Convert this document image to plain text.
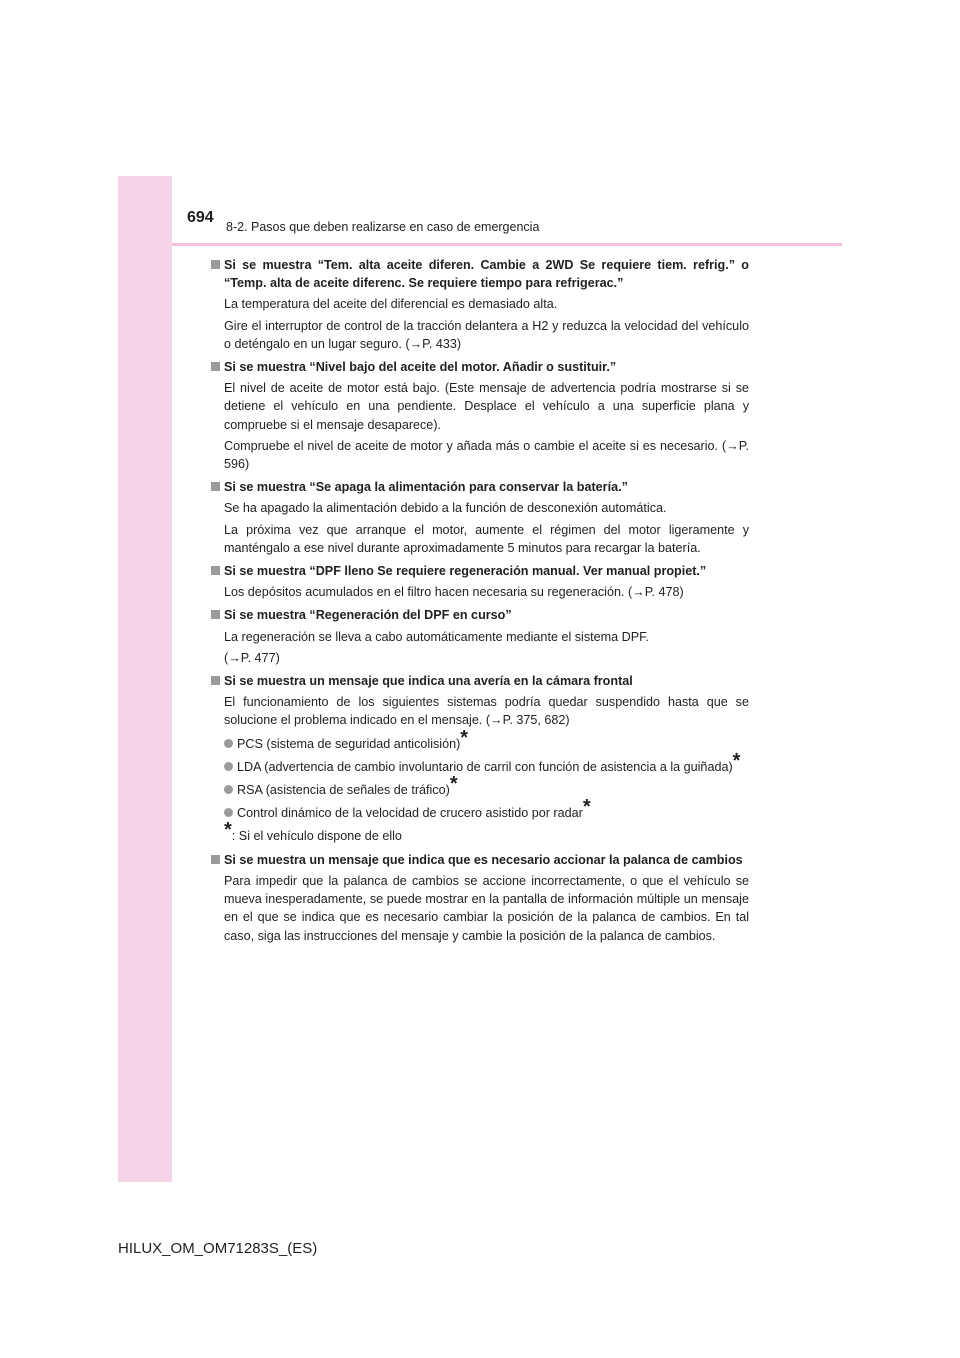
694
8-2. Pasos que deben realizarse en caso de emergencia
Si se muestra “Tem. alta aceite diferen. Cambie a 2WD Se requiere tiem. refrig.” o “Temp. alta de aceite diferenc. Se requiere tiempo para refrigerac.”
La temperatura del aceite del diferencial es demasiado alta.
Gire el interruptor de control de la tracción delantera a H2 y reduzca la velocidad del vehículo o deténgalo en un lugar seguro. (→P. 433)
Si se muestra “Nivel bajo del aceite del motor. Añadir o sustituir.”
El nivel de aceite de motor está bajo. (Este mensaje de advertencia podría mostrarse si se detiene el vehículo en una pendiente. Desplace el vehículo a una superficie plana y compruebe si el mensaje desaparece).
Compruebe el nivel de aceite de motor y añada más o cambie el aceite si es necesario. (→P. 596)
Si se muestra “Se apaga la alimentación para conservar la batería.”
Se ha apagado la alimentación debido a la función de desconexión automática.
La próxima vez que arranque el motor, aumente el régimen del motor ligeramente y manténgalo a ese nivel durante aproximadamente 5 minutos para recargar la batería.
Si se muestra “DPF lleno Se requiere regeneración manual. Ver manual propiet.”
Los depósitos acumulados en el filtro hacen necesaria su regeneración. (→P. 478)
Si se muestra “Regeneración del DPF en curso”
La regeneración se lleva a cabo automáticamente mediante el sistema DPF.
(→P. 477)
Si se muestra un mensaje que indica una avería en la cámara frontal
El funcionamiento de los siguientes sistemas podría quedar suspendido hasta que se solucione el problema indicado en el mensaje. (→P. 375, 682)
PCS (sistema de seguridad anticolisión)*
LDA (advertencia de cambio involuntario de carril con función de asistencia a la guiñada)*
RSA (asistencia de señales de tráfico)*
Control dinámico de la velocidad de crucero asistido por radar*
*: Si el vehículo dispone de ello
Si se muestra un mensaje que indica que es necesario accionar la palanca de cambios
Para impedir que la palanca de cambios se accione incorrectamente, o que el vehículo se mueva inesperadamente, se puede mostrar en la pantalla de información múltiple un mensaje en el que se indica que es necesario cambiar la posición de la palanca de cambios. En tal caso, siga las instrucciones del mensaje y cambie la posición de la palanca de cambios.
HILUX_OM_OM71283S_(ES)
